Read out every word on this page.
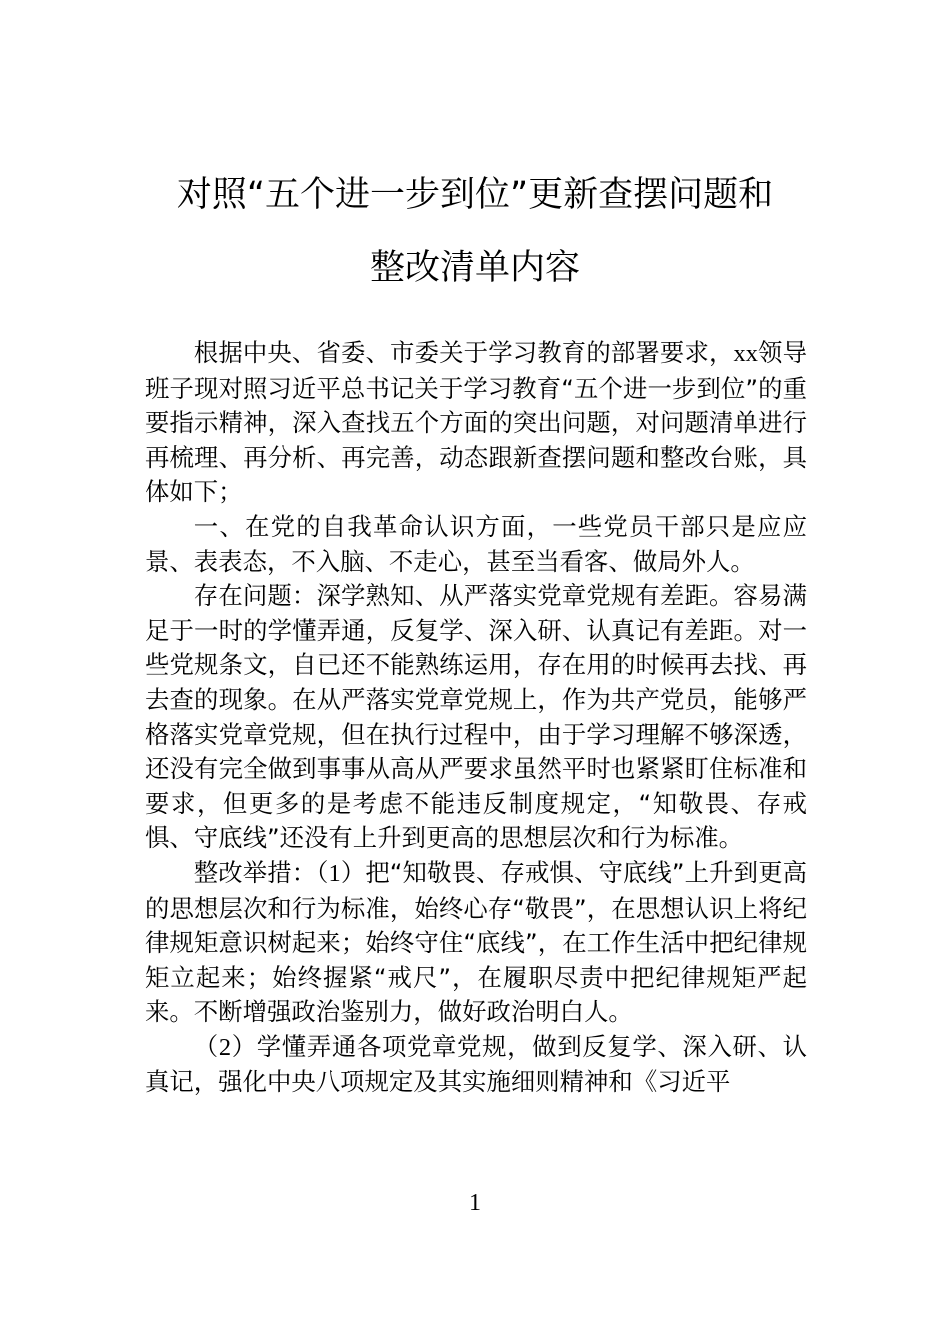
对照“五个进一步到位”更新查摆问题和
整改清单内容

根据中央、省委、市委关于学习教育的部署要求，xx领导班子现对照习近平总书记关于学习教育“五个进一步到位”的重要指示精神，深入查找五个方面的突出问题，对问题清单进行再梳理、再分析、再完善，动态跟新查摆问题和整改台账，具体如下；

一、在党的自我革命认识方面，一些党员干部只是应应景、表表态，不入脑、不走心，甚至当看客、做局外人。

存在问题：深学熟知、从严落实党章党规有差距。容易满足于一时的学懂弄通，反复学、深入研、认真记有差距。对一些党规条文，自已还不能熟练运用，存在用的时候再去找、再去查的现象。在从严落实党章党规上，作为共产党员，能够严格落实党章党规，但在执行过程中，由于学习理解不够深透，还没有完全做到事事从高从严要求虽然平时也紧紧盯住标准和要求，但更多的是考虑不能违反制度规定，“知敬畏、存戒惧、守底线”还没有上升到更高的思想层次和行为标准。

整改举措：（1）把“知敬畏、存戒惧、守底线”上升到更高的思想层次和行为标准，始终心存“敬畏”，在思想认识上将纪律规矩意识树起来；始终守住“底线”，在工作生活中把纪律规矩立起来；始终握紧“戒尺”，在履职尽责中把纪律规矩严起来。不断增强政治鉴别力，做好政治明白人。

（2）学懂弄通各项党章党规，做到反复学、深入研、认真记，强化中央八项规定及其实施细则精神和《习近平

1
